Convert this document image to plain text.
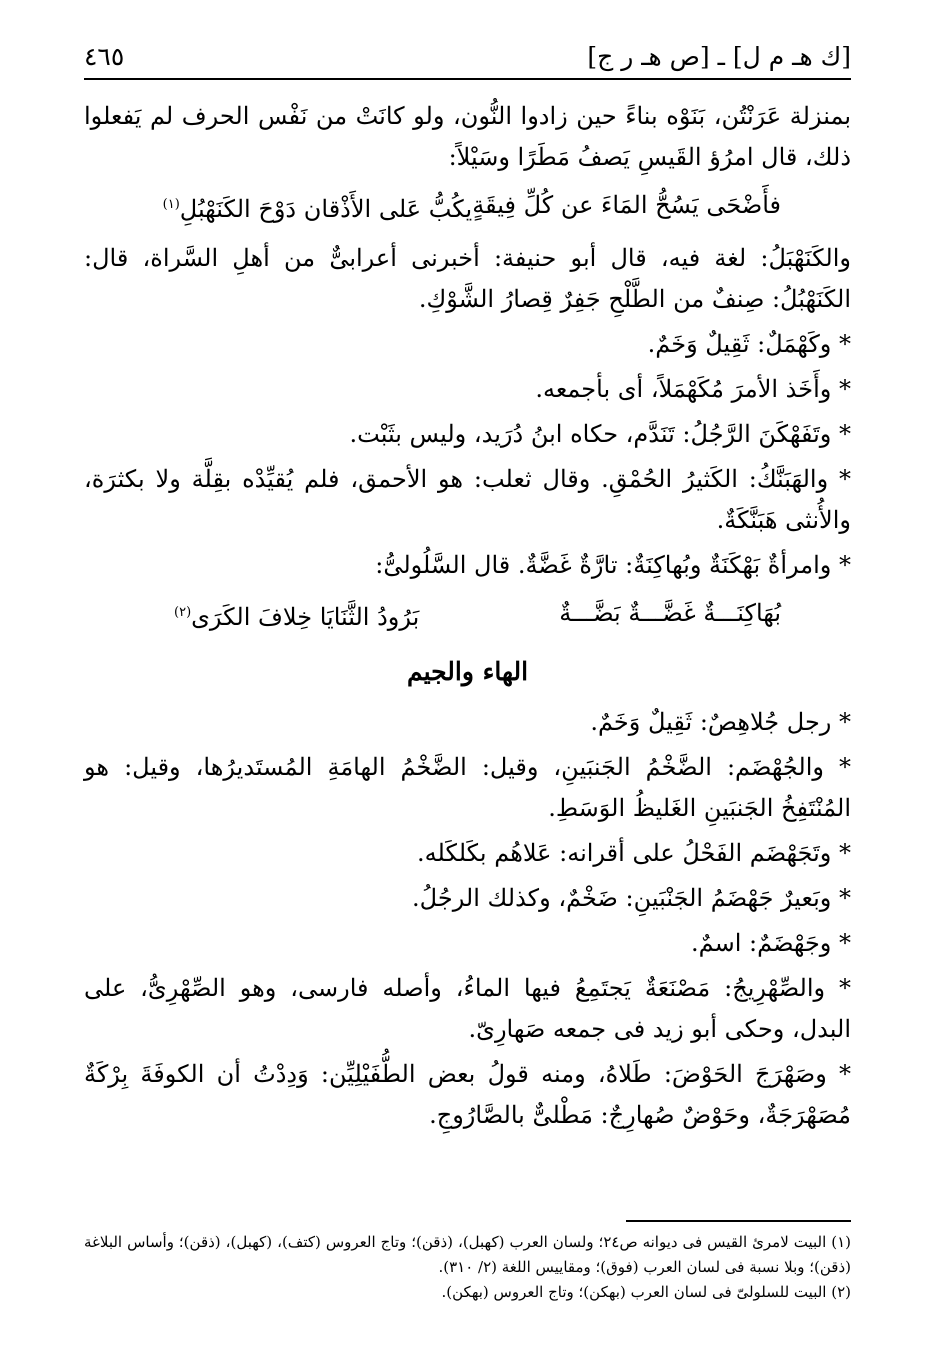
[ك هـ م ل] ـ [ص هـ ر ج]
٤٦٥

بمنزلة عَرَنْتُن، بَنَوْه بناءً حين زادوا النُّون، ولو كانَتْ من نَفْس الحرف لم يَفعلوا ذلك، قال امرُؤ القَيسِ يَصفُ مَطَرًا وسَيْلاً:

فأَضْحَى يَسُحُّ المَاءَ عن كُلِّ فِيقَةٍ
يكُبُّ عَلى الأَذْقان دَوْحَ الكَنَهْبُلِ$^{(١)}$

والكَنَهْبَلُ: لغة فيه، قال أبو حنيفة: أخبرنى أعرابىٌّ من أهلِ السَّراة، قال: الكَنَهْبُلُ: صِنفٌ من الطَّلْحِ جَفِرٌ قِصارُ الشَّوْكِ.

* وكَهْمَلٌ: ثَقِيلٌ وَخَمٌ.

* وأَخَذ الأمرَ مُكَهْمَلاً، أى بأجمعه.

* وتَفَهْكَنَ الرَّجُلُ: تَنَدَّم، حكاه ابنُ دُرَيد، وليس بثَبْت.

* والهَبَنَّكُ: الكَثيرُ الحُمْقِ. وقال ثعلب: هو الأحمق، فلم يُقيِّدْه بقِلَّة ولا بكثرَة، والأُنثى هَبَنَّكَةٌ.

* وامرأةٌ بَهْكَنَةٌ وبُهاكِنَةٌ: تارَّةٌ غَضَّةٌ. قال السَّلُولىُّ:

بُهَاكِنَـــةٌ غَضَّـــةٌ بَضَّـــةٌ
بَرُودُ الثَّنَايَا خِلافَ الكَرَى$^{(٢)}$
الهاء والجيم

* رجل جُلاهِصٌ: ثَقِيلٌ وَخَمٌ.

* والجُهْضَم: الضَّخْمُ الجَنبَينِ، وقيل: الضَّخْمُ الهامَةِ المُستَديرُها، وقيل: هو المُنْتَفِخُ الجَنبَينِ الغَليظُ الوَسَطِ.

* وتَجَهْضَم الفَحْلُ على أقرانه: عَلاهُم بكَلكَله.

* وبَعيرٌ جَهْضَمُ الجَنْبَينِ: ضَخْمٌ، وكذلك الرجُلُ.

* وجَهْضَمٌ: اسمٌ.

* والصِّهْرِيجُ: مَصْنَعَةٌ يَجتَمِعُ فيها الماءُ، وأصله فارسى، وهو الصِّهْرِىُّ، على البدل، وحكى أبو زيد فى جمعه صَهارِىّ.

* وصَهْرَجَ الحَوْضَ: طَلاهُ، ومنه قولُ بعض الطُّفَيْلِيِّن: وَدِدْتُ أن الكوفَةَ بِرْكَةٌ مُصَهْرَجَةٌ، وحَوْضٌ صُهارِجٌ: مَطْلىٌّ بالصَّارُوجِ.

(١) البيت لامرئ القيس فى ديوانه ص٢٤؛ ولسان العرب (كهبل)، (ذقن)؛ وتاج العروس (كتف)، (كهبل)، (ذقن)؛ وأساس البلاغة (ذقن)؛ وبلا نسبة فى لسان العرب (فوق)؛ ومقاييس اللغة (٢/ ٣١٠).

(٢) البيت للسلولىّ فى لسان العرب (بهكن)؛ وتاج العروس (بهكن).
